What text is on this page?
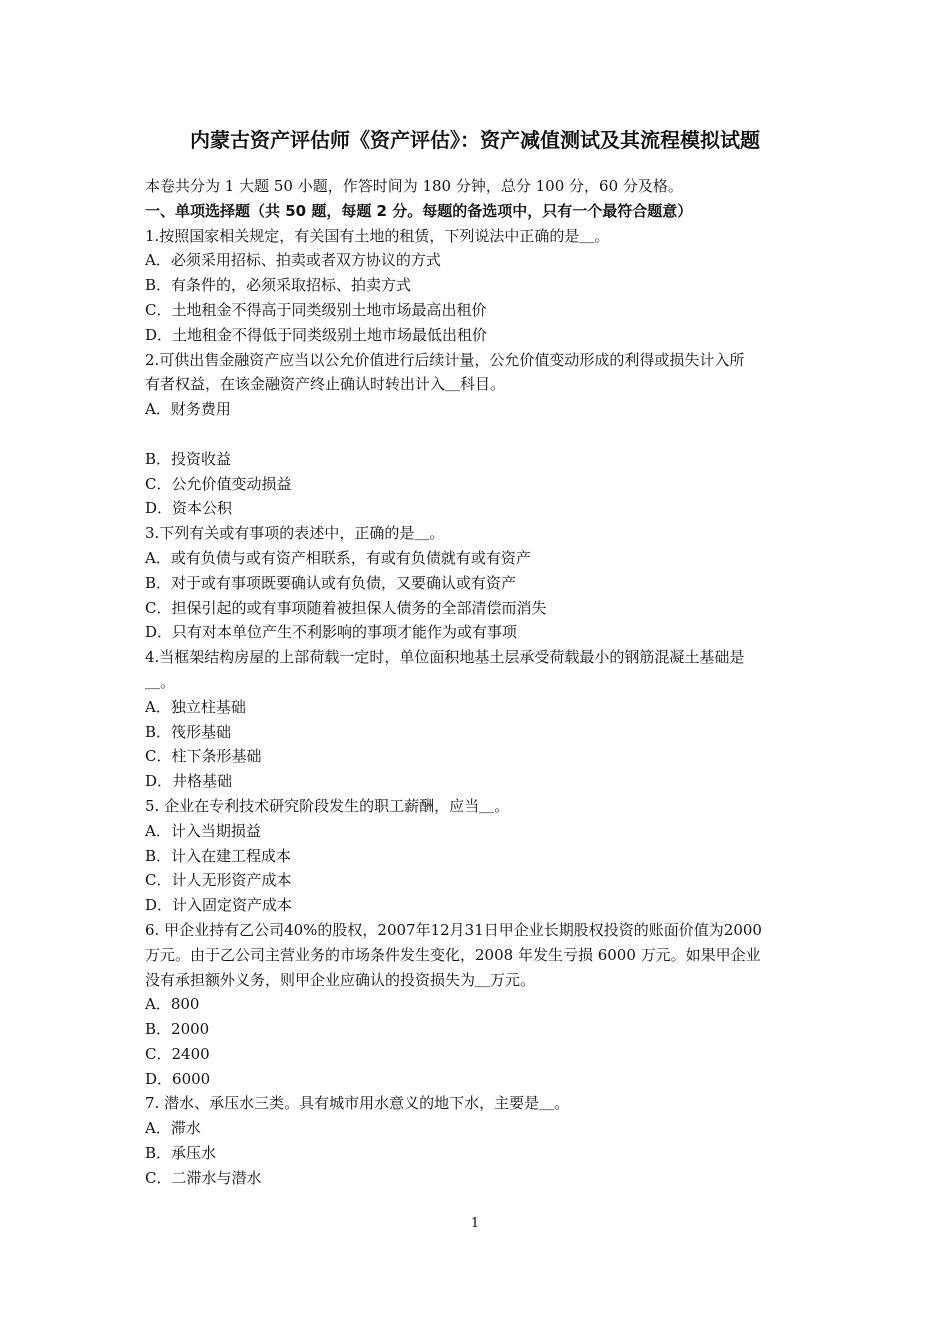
内蒙古资产评估师《资产评估》：资产减值测试及其流程模拟试题
本卷共分为 1 大题 50 小题，作答时间为 180 分钟，总分 100 分，60 分及格。
一、单项选择题（共 50 题，每题 2 分。每题的备选项中，只有一个最符合题意）
1.按照国家相关规定，有关国有土地的租赁，下列说法中正确的是＿。
A．必须采用招标、拍卖或者双方协议的方式
B．有条件的，必须采取招标、拍卖方式
C．土地租金不得高于同类级别土地市场最高出租价
D．土地租金不得低于同类级别土地市场最低出租价
2.可供出售金融资产应当以公允价值进行后续计量，公允价值变动形成的利得或损失计入所
有者权益，在该金融资产终止确认时转出计入＿科目。
A．财务费用
B．投资收益
C．公允价值变动损益
D．资本公积
3.下列有关或有事项的表述中，正确的是＿。
A．或有负债与或有资产相联系，有或有负债就有或有资产
B．对于或有事项既要确认或有负债，又要确认或有资产
C．担保引起的或有事项随着被担保人债务的全部清偿而消失
D．只有对本单位产生不利影响的事项才能作为或有事项
4.当框架结构房屋的上部荷载一定时，单位面积地基土层承受荷载最小的钢筋混凝土基础是
＿。
A．独立柱基础
B．筏形基础
C．柱下条形基础
D．井格基础
5. 企业在专利技术研究阶段发生的职工薪酬，应当＿。
A．计入当期损益
B．计入在建工程成本
C．计人无形资产成本
D．计入固定资产成本
6. 甲企业持有乙公司40%的股权，2007年12月31日甲企业长期股权投资的账面价值为2000
万元。由于乙公司主营业务的市场条件发生变化，2008 年发生亏损 6000 万元。如果甲企业
没有承担额外义务，则甲企业应确认的投资损失为＿万元。
A．800
B．2000
C．2400
D．6000
7. 潜水、承压水三类。具有城市用水意义的地下水，主要是＿。
A．滞水
B．承压水
C．二滞水与潜水
1
